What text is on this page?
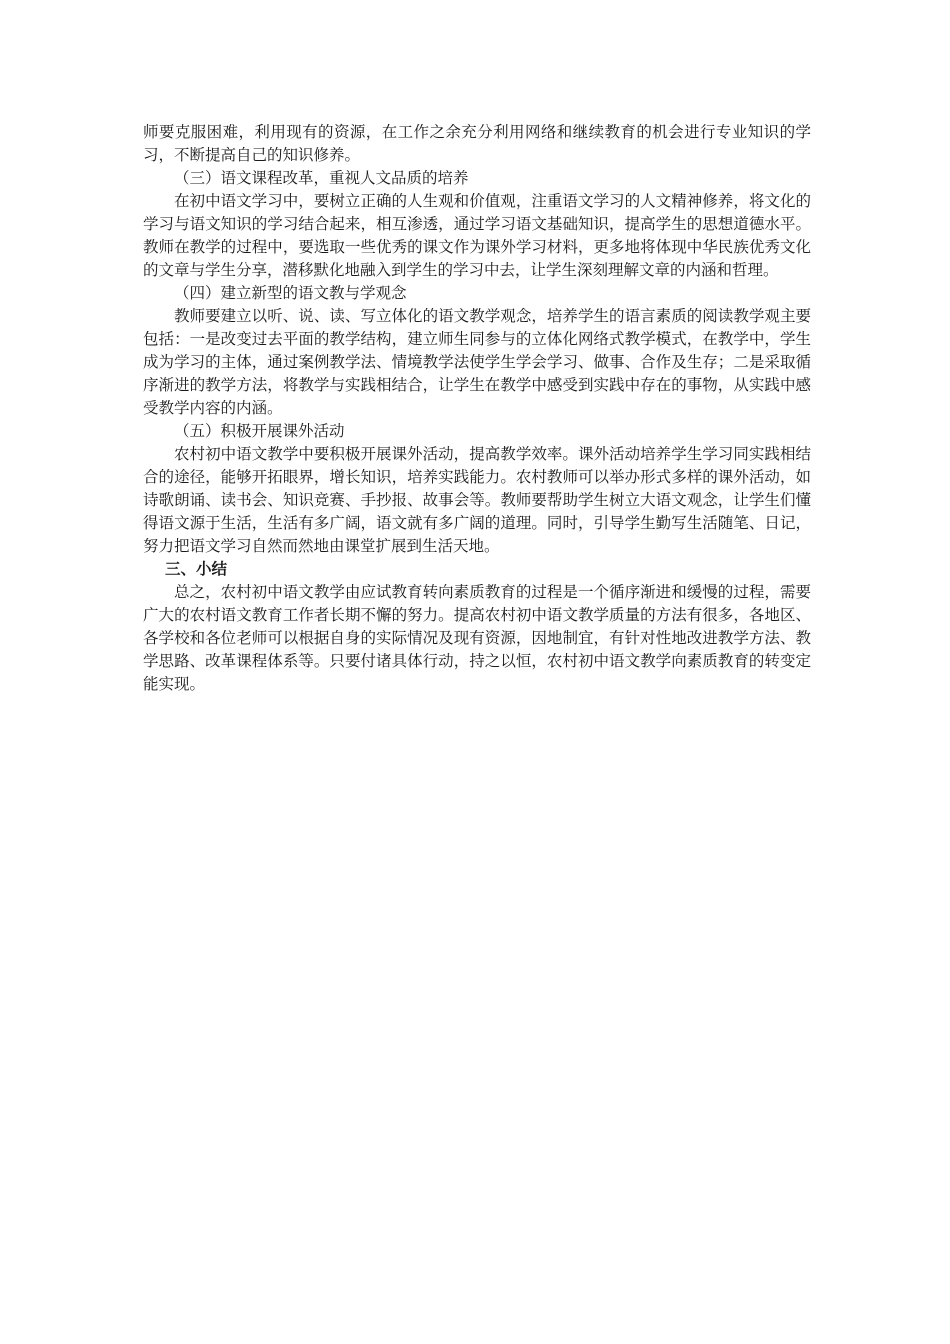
师要克服困难，利用现有的资源，在工作之余充分利用网络和继续教育的机会进行专业知识的学习，不断提高自己的知识修养。

（三）语文课程改革，重视人文品质的培养

在初中语文学习中，要树立正确的人生观和价值观，注重语文学习的人文精神修养，将文化的学习与语文知识的学习结合起来，相互渗透，通过学习语文基础知识，提高学生的思想道德水平。教师在教学的过程中，要选取一些优秀的课文作为课外学习材料，更多地将体现中华民族优秀文化的文章与学生分享，潜移默化地融入到学生的学习中去，让学生深刻理解文章的内涵和哲理。

（四）建立新型的语文教与学观念

教师要建立以听、说、读、写立体化的语文教学观念，培养学生的语言素质的阅读教学观主要包括：一是改变过去平面的教学结构，建立师生同参与的立体化网络式教学模式，在教学中，学生成为学习的主体，通过案例教学法、情境教学法使学生学会学习、做事、合作及生存；二是采取循序渐进的教学方法，将教学与实践相结合，让学生在教学中感受到实践中存在的事物，从实践中感受教学内容的内涵。

（五）积极开展课外活动

农村初中语文教学中要积极开展课外活动，提高教学效率。课外活动培养学生学习同实践相结合的途径，能够开拓眼界，增长知识，培养实践能力。农村教师可以举办形式多样的课外活动，如诗歌朗诵、读书会、知识竞赛、手抄报、故事会等。教师要帮助学生树立大语文观念，让学生们懂得语文源于生活，生活有多广阔，语文就有多广阔的道理。同时，引导学生勤写生活随笔、日记，努力把语文学习自然而然地由课堂扩展到生活天地。

三、小结

总之，农村初中语文教学由应试教育转向素质教育的过程是一个循序渐进和缓慢的过程，需要广大的农村语文教育工作者长期不懈的努力。提高农村初中语文教学质量的方法有很多，各地区、各学校和各位老师可以根据自身的实际情况及现有资源，因地制宜，有针对性地改进教学方法、教学思路、改革课程体系等。只要付诸具体行动，持之以恒，农村初中语文教学向素质教育的转变定能实现。
